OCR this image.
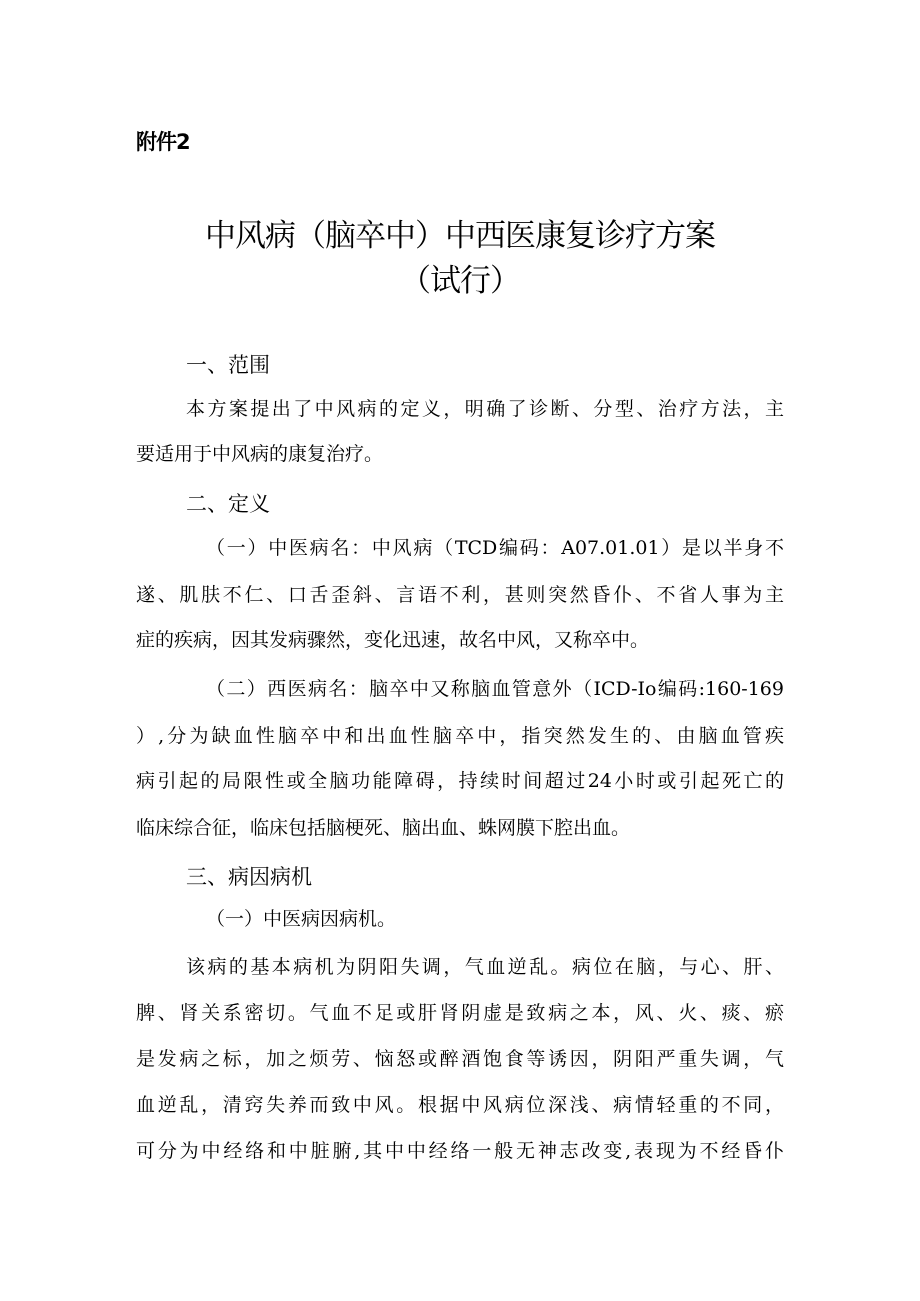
附件2
中风病（脑卒中）中西医康复诊疗方案
（试行）
一、范围
本方案提出了中风病的定义，明确了诊断、分型、治疗方法，主
要适用于中风病的康复治疗。
二、定义
（一）中医病名：中风病（TCD编码：A07.01.01）是以半身不
遂、肌肤不仁、口舌歪斜、言语不利，甚则突然昏仆、不省人事为主
症的疾病，因其发病骤然，变化迅速，故名中风，又称卒中。
（二）西医病名：脑卒中又称脑血管意外（ICD-Io编码:160-169
）,分为缺血性脑卒中和出血性脑卒中，指突然发生的、由脑血管疾
病引起的局限性或全脑功能障碍，持续时间超过24小时或引起死亡的
临床综合征，临床包括脑梗死、脑出血、蛛网膜下腔出血。
三、病因病机
（一）中医病因病机。
该病的基本病机为阴阳失调，气血逆乱。病位在脑，与心、肝、
脾、肾关系密切。气血不足或肝肾阴虚是致病之本，风、火、痰、瘀
是发病之标，加之烦劳、恼怒或醉酒饱食等诱因，阴阳严重失调，气
血逆乱，清窍失养而致中风。根据中风病位深浅、病情轻重的不同，
可分为中经络和中脏腑,其中中经络一般无神志改变,表现为不经昏仆
